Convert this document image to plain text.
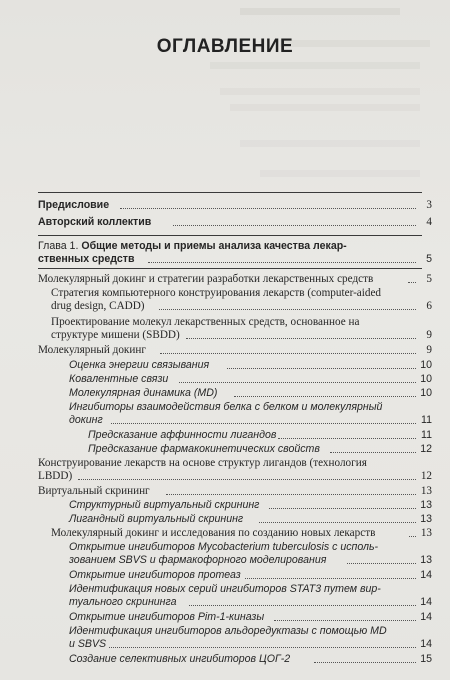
ОГЛАВЛЕНИЕ
Предисловие	3
Авторский коллектив	4
Глава 1. Общие методы и приемы анализа качества лекар-
ственных средств	5
Молекулярный докинг и стратегии разработки лекарственных средств	5
Стратегия компьютерного конструирования лекарств (computer-aided
drug design, CADD)	6
Проектирование молекул лекарственных средств, основанное на
структуре мишени (SBDD)	9
Молекулярный докинг	9
Оценка энергии связывания	10
Ковалентные связи	10
Молекулярная динамика (MD)	10
Ингибиторы взаимодействия белка с белком и молекулярный
докинг	11
Предсказание аффинности лигандов	11
Предсказание фармакокинетических свойств	12
Конструирование лекарств на основе структур лигандов (технология
LBDD)	12
Виртуальный скрининг	13
Структурный виртуальный скрининг	13
Лигандный виртуальный скрининг	13
Молекулярный докинг и исследования по созданию новых лекарств	13
Открытие ингибиторов Mycobacterium tuberculosis с исполь-
зованием SBVS и фармакофорного моделирования	13
Открытие ингибиторов протеаз	14
Идентификация новых серий ингибиторов STAT3 путем вир-
туального скрининга	14
Открытие ингибиторов Pim-1-киназы	14
Идентификация ингибиторов альдоредуктазы с помощью MD
и SBVS	14
Создание селективных ингибиторов ЦОГ-2	15
